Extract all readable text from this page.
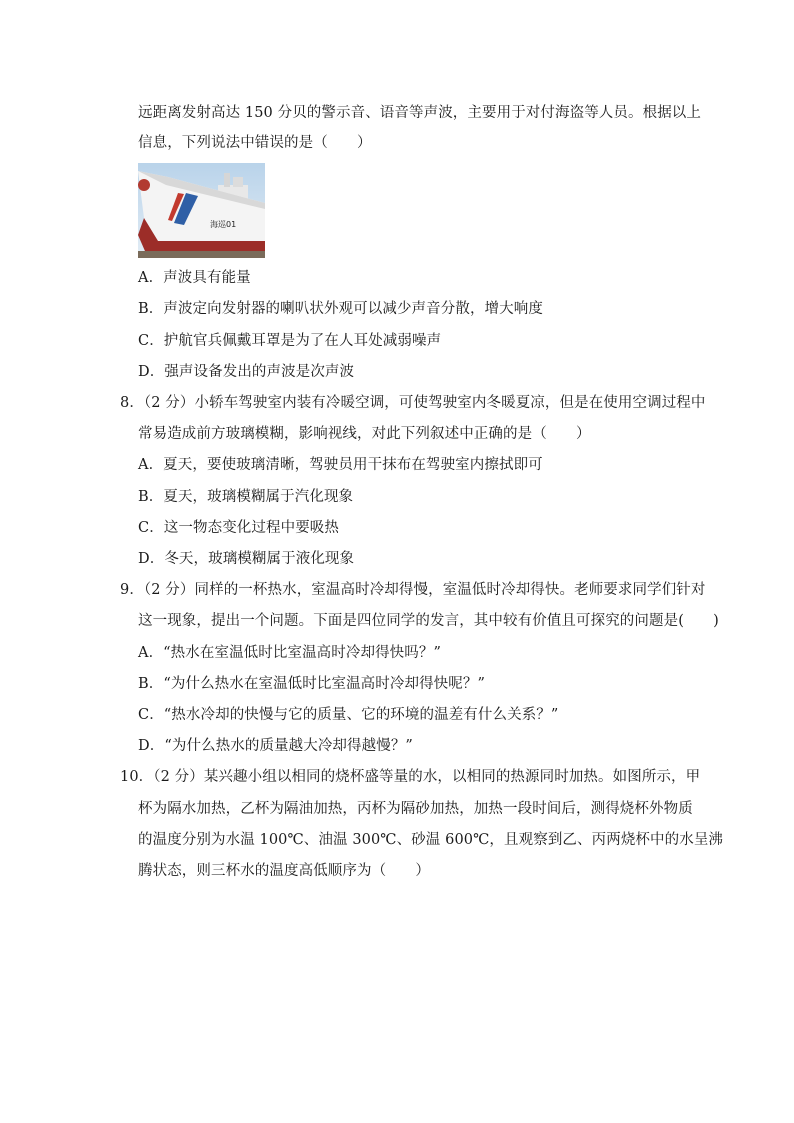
远距离发射高达 150 分贝的警示音、语音等声波，主要用于对付海盗等人员。根据以上
信息，下列说法中错误的是（　　）
海巡01
A．声波具有能量
B．声波定向发射器的喇叭状外观可以减少声音分散，增大响度
C．护航官兵佩戴耳罩是为了在人耳处减弱噪声
D．强声设备发出的声波是次声波
8．（2 分）小轿车驾驶室内装有冷暖空调，可使驾驶室内冬暖夏凉，但是在使用空调过程中
常易造成前方玻璃模糊，影响视线，对此下列叙述中正确的是（　　）
A．夏天，要使玻璃清晰，驾驶员用干抹布在驾驶室内擦拭即可
B．夏天，玻璃模糊属于汽化现象
C．这一物态变化过程中要吸热
D．冬天，玻璃模糊属于液化现象
9．（2 分）同样的一杯热水，室温高时冷却得慢，室温低时冷却得快。老师要求同学们针对
这一现象，提出一个问题。下面是四位同学的发言，其中较有价值且可探究的问题是(　　)
A．“热水在室温低时比室温高时冷却得快吗？”
B．“为什么热水在室温低时比室温高时冷却得快呢？”
C．“热水冷却的快慢与它的质量、它的环境的温差有什么关系？”
D．“为什么热水的质量越大冷却得越慢？”
10．（2 分）某兴趣小组以相同的烧杯盛等量的水，以相同的热源同时加热。如图所示，甲
杯为隔水加热，乙杯为隔油加热，丙杯为隔砂加热，加热一段时间后，测得烧杯外物质
的温度分别为水温 100℃、油温 300℃、砂温 600℃，且观察到乙、丙两烧杯中的水呈沸
腾状态，则三杯水的温度高低顺序为（　　）
